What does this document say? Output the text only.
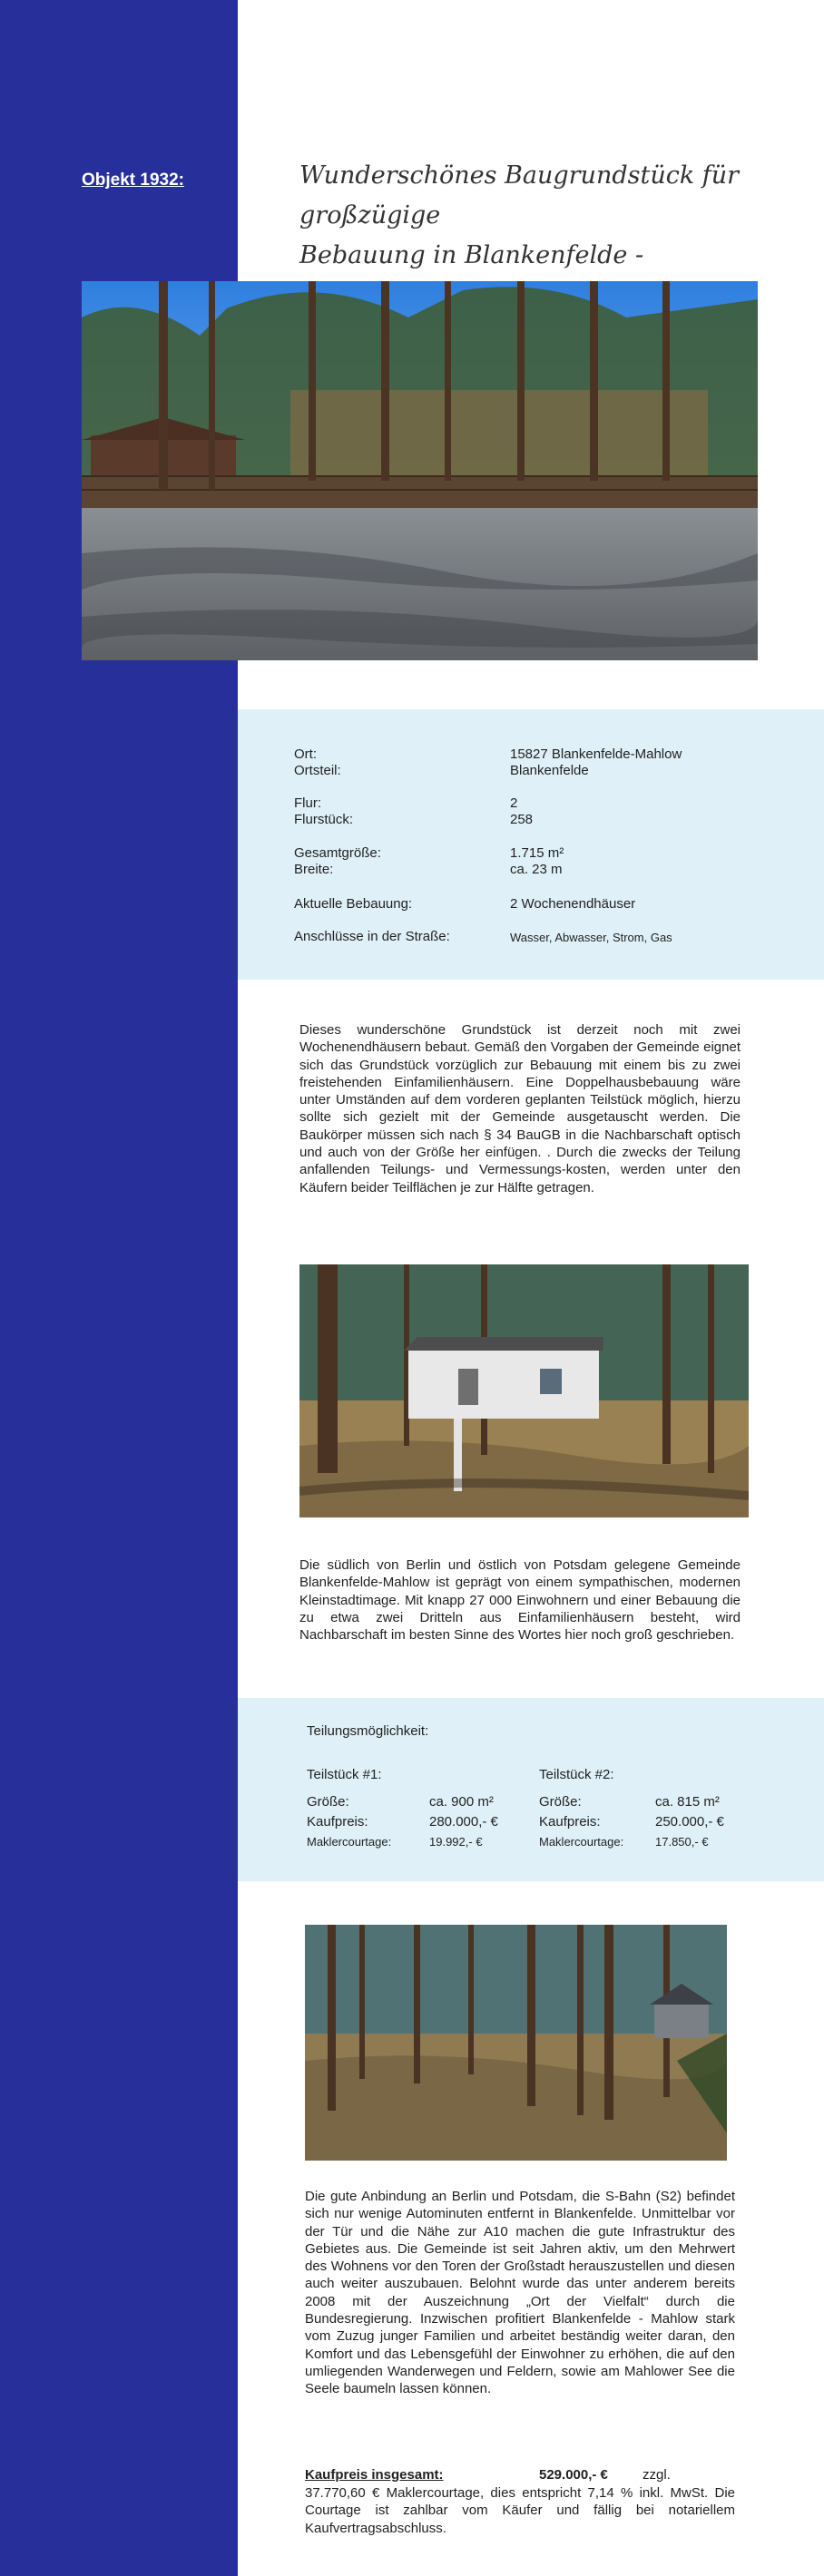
Objekt 1932:	Wunderschönes Baugrundstück für großzügige
Bebauung in Blankenfelde -
Ort:	15827 Blankenfelde-Mahlow
Ortsteil:	Blankenfelde
Flur:	2
Flurstück:	258
Gesamtgröße:	1.715 m²
Breite:	ca. 23 m
Aktuelle Bebauung:	2 Wochenendhäuser
Anschlüsse in der Straße:	Wasser, Abwasser, Strom, Gas

Dieses wunderschöne Grundstück ist derzeit noch mit zwei Wochenendhäusern bebaut. Gemäß den Vorgaben der Gemeinde eignet sich das Grundstück vorzüglich zur Bebauung mit einem bis zu zwei freistehenden Einfamilienhäusern. Eine Doppelhausbebauung wäre unter Umständen auf dem vorderen geplanten Teilstück möglich, hierzu sollte sich gezielt mit der Gemeinde ausgetauscht werden. Die Baukörper müssen sich nach § 34 BauGB in die Nachbarschaft optisch und auch von der Größe her einfügen. . Durch die zwecks der Teilung anfallenden Teilungs- und Vermessungs-kosten, werden unter den Käufern beider Teilflächen je zur Hälfte getragen.

Die südlich von Berlin und östlich von Potsdam gelegene Gemeinde Blankenfelde-Mahlow ist geprägt von einem sympathischen, modernen Kleinstadtimage. Mit knapp 27 000 Einwohnern und einer Bebauung die zu etwa zwei Dritteln aus Einfamilienhäusern besteht, wird Nachbarschaft im besten Sinne des Wortes hier noch groß geschrieben.

Teilungsmöglichkeit:
Teilstück #1:
Größe:	ca. 900 m²
Kaufpreis:	280.000,- €
Maklercourtage:	19.992,- €
Teilstück #2:
Größe:	ca. 815 m²
Kaufpreis:	250.000,- €
Maklercourtage:	17.850,- €

Die gute Anbindung an Berlin und Potsdam, die S-Bahn (S2) befindet sich nur wenige Autominuten entfernt in Blankenfelde. Unmittelbar vor der Tür und die Nähe zur A10 machen die gute Infrastruktur des Gebietes aus. Die Gemeinde ist seit Jahren aktiv, um den Mehrwert des Wohnens vor den Toren der Großstadt herauszustellen und diesen auch weiter auszubauen. Belohnt wurde das unter anderem bereits 2008 mit der Auszeichnung „Ort der Vielfalt“ durch die Bundesregierung. Inzwischen profitiert Blankenfelde - Mahlow stark vom Zuzug junger Familien und arbeitet beständig weiter daran, den Komfort und das Lebensgefühl der Einwohner zu erhöhen, die auf den umliegenden Wanderwegen und Feldern, sowie am Mahlower See die Seele baumeln lassen können.

Kaufpreis insgesamt:	529.000,- €	zzgl.

37.770,60 € Maklercourtage, dies entspricht 7,14 % inkl. MwSt. Die Courtage ist zahlbar vom Käufer und fällig bei notariellem Kaufvertragsabschluss.
